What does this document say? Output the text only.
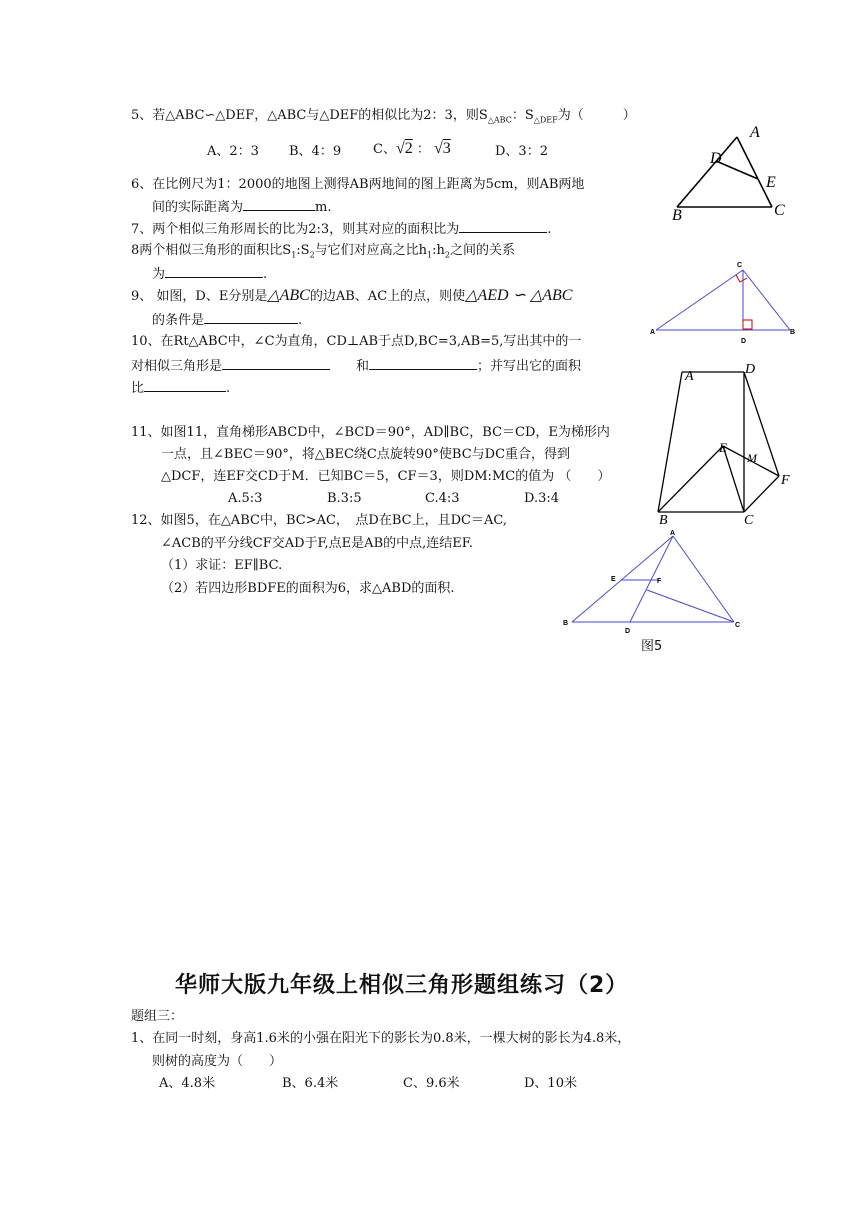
5、若△ABC∽△DEF，△ABC与△DEF的相似比为2：3，则$S_{\triangle ABC}$：$S_{\triangle DEF}$为（　　　）
A、2：3 B、4：9 C、√2 ： √3	D、3：2
6、在比例尺为1：2000的地图上测得AB两地间的图上距离为5cm，则AB两地
间的实际距离为	m.
7、两个相似三角形周长的比为2:3，则其对应的面积比为	.
8两个相似三角形的面积比$S_1:S_2$与它们对应高之比$h_1:h_2$之间的关系
为	.
9、 如图，D、E分别是△ABC的边AB、AC上的点，则使△AED ∽ △ABC
的条件是	.
10、在Rt△ABC中，∠C为直角，CD⊥AB于点D,BC=3,AB=5,写出其中的一
对相似三角形是　　	和	；并写出它的面积
比	.
11、如图11，直角梯形ABCD中，∠BCD＝90°，AD∥BC，BC＝CD，E为梯形内
一点，且∠BEC＝90°，将△BEC绕C点旋转90°使BC与DC重合，得到
△DCF，连EF交CD于M．已知BC＝5，CF＝3，则DM:MC的值为 （　　）
A.5:3	B.3:5	C.4:3	D.3:4
12、如图5，在△ABC中，BC>AC，　点D在BC上，且DC＝AC,
∠ACB的平分线CF交AD于F,点E是AB的中点,连结EF.
（1）求证：EF∥BC.
（2）若四边形BDFE的面积为6，求△ABD的面积.
A
D
E
B	C
C
A	B
D
A	D
E
M
F
B	C
A
E	F
B
D
C
图5
华师大版九年级上相似三角形题组练习（2）
题组三：
1、在同一时刻，身高1.6米的小强在阳光下的影长为0.8米，一棵大树的影长为4.8米，
则树的高度为（　　）
A、4.8米	B、6.4米	C、9.6米	D、10米
